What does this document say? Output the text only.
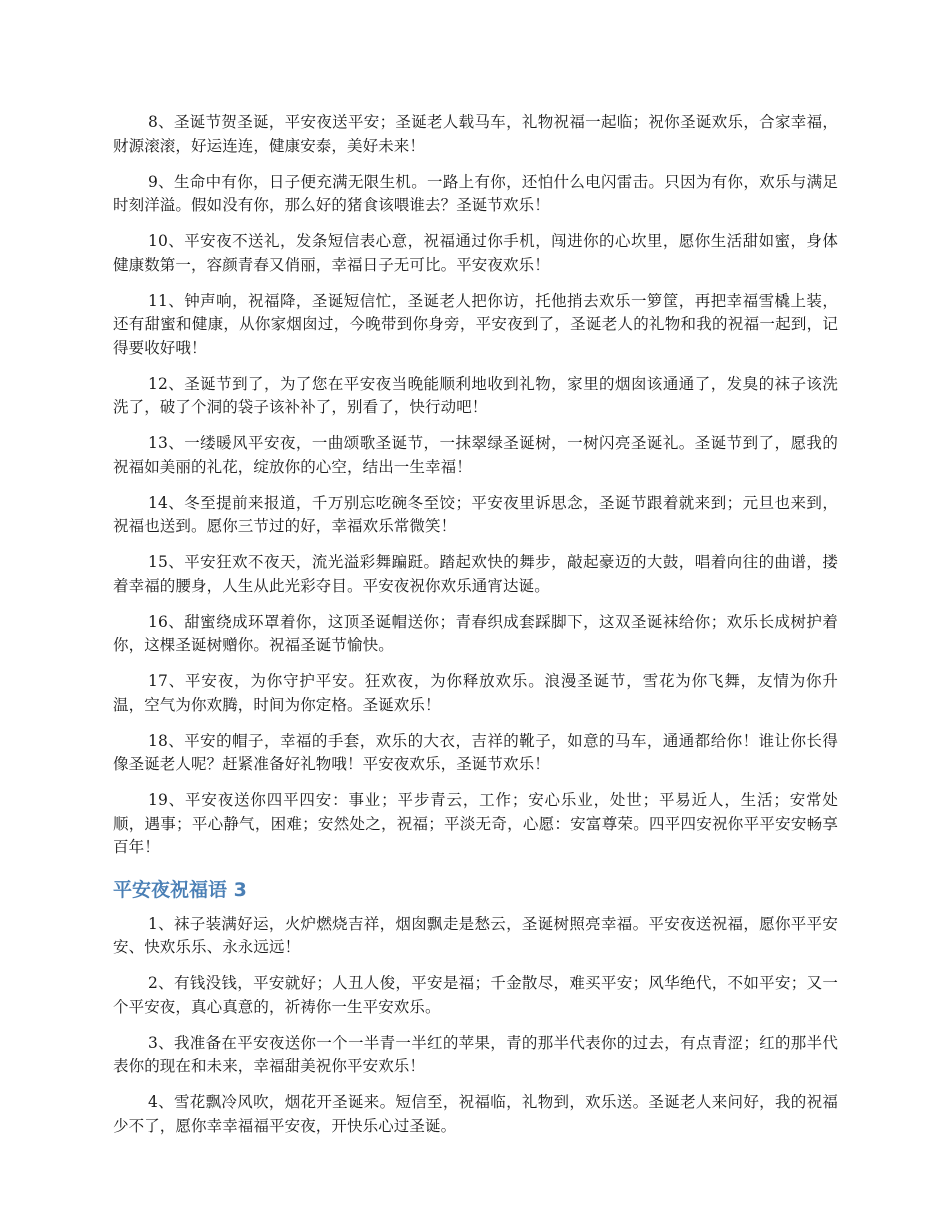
8、圣诞节贺圣诞，平安夜送平安；圣诞老人载马车，礼物祝福一起临；祝你圣诞欢乐，合家幸福，财源滚滚，好运连连，健康安泰，美好未来！

9、生命中有你，日子便充满无限生机。一路上有你，还怕什么电闪雷击。只因为有你，欢乐与满足时刻洋溢。假如没有你，那么好的猪食该喂谁去？圣诞节欢乐！

10、平安夜不送礼，发条短信表心意，祝福通过你手机，闯进你的心坎里，愿你生活甜如蜜，身体健康数第一，容颜青春又俏丽，幸福日子无可比。平安夜欢乐！

11、钟声响，祝福降，圣诞短信忙，圣诞老人把你访，托他捎去欢乐一箩筐，再把幸福雪橇上装，还有甜蜜和健康，从你家烟囱过，今晚带到你身旁，平安夜到了，圣诞老人的礼物和我的祝福一起到，记得要收好哦！

12、圣诞节到了，为了您在平安夜当晚能顺利地收到礼物，家里的烟囱该通通了，发臭的袜子该洗洗了，破了个洞的袋子该补补了，别看了，快行动吧！

13、一缕暖风平安夜，一曲颂歌圣诞节，一抹翠绿圣诞树，一树闪亮圣诞礼。圣诞节到了，愿我的祝福如美丽的礼花，绽放你的心空，结出一生幸福！

14、冬至提前来报道，千万别忘吃碗冬至饺；平安夜里诉思念，圣诞节跟着就来到；元旦也来到，祝福也送到。愿你三节过的好，幸福欢乐常微笑！

15、平安狂欢不夜天，流光溢彩舞蹁跹。踏起欢快的舞步，敲起豪迈的大鼓，唱着向往的曲谱，搂着幸福的腰身，人生从此光彩夺目。平安夜祝你欢乐通宵达诞。

16、甜蜜绕成环罩着你，这顶圣诞帽送你；青春织成套踩脚下，这双圣诞袜给你；欢乐长成树护着你，这棵圣诞树赠你。祝福圣诞节愉快。

17、平安夜，为你守护平安。狂欢夜，为你释放欢乐。浪漫圣诞节，雪花为你飞舞，友情为你升温，空气为你欢腾，时间为你定格。圣诞欢乐！

18、平安的帽子，幸福的手套，欢乐的大衣，吉祥的靴子，如意的马车，通通都给你！谁让你长得像圣诞老人呢？赶紧准备好礼物哦！平安夜欢乐，圣诞节欢乐！

19、平安夜送你四平四安：事业；平步青云，工作；安心乐业，处世；平易近人，生活；安常处顺，遇事；平心静气，困难；安然处之，祝福；平淡无奇，心愿：安富尊荣。四平四安祝你平平安安畅享百年！

平安夜祝福语 3

1、袜子装满好运，火炉燃烧吉祥，烟囱飘走是愁云，圣诞树照亮幸福。平安夜送祝福，愿你平平安安、快欢乐乐、永永远远！

2、有钱没钱，平安就好；人丑人俊，平安是福；千金散尽，难买平安；风华绝代，不如平安；又一个平安夜，真心真意的，祈祷你一生平安欢乐。

3、我准备在平安夜送你一个一半青一半红的苹果，青的那半代表你的过去，有点青涩；红的那半代表你的现在和未来，幸福甜美祝你平安欢乐！

4、雪花飘冷风吹，烟花开圣诞来。短信至，祝福临，礼物到，欢乐送。圣诞老人来问好，我的祝福少不了，愿你幸幸福福平安夜，开快乐心过圣诞。
